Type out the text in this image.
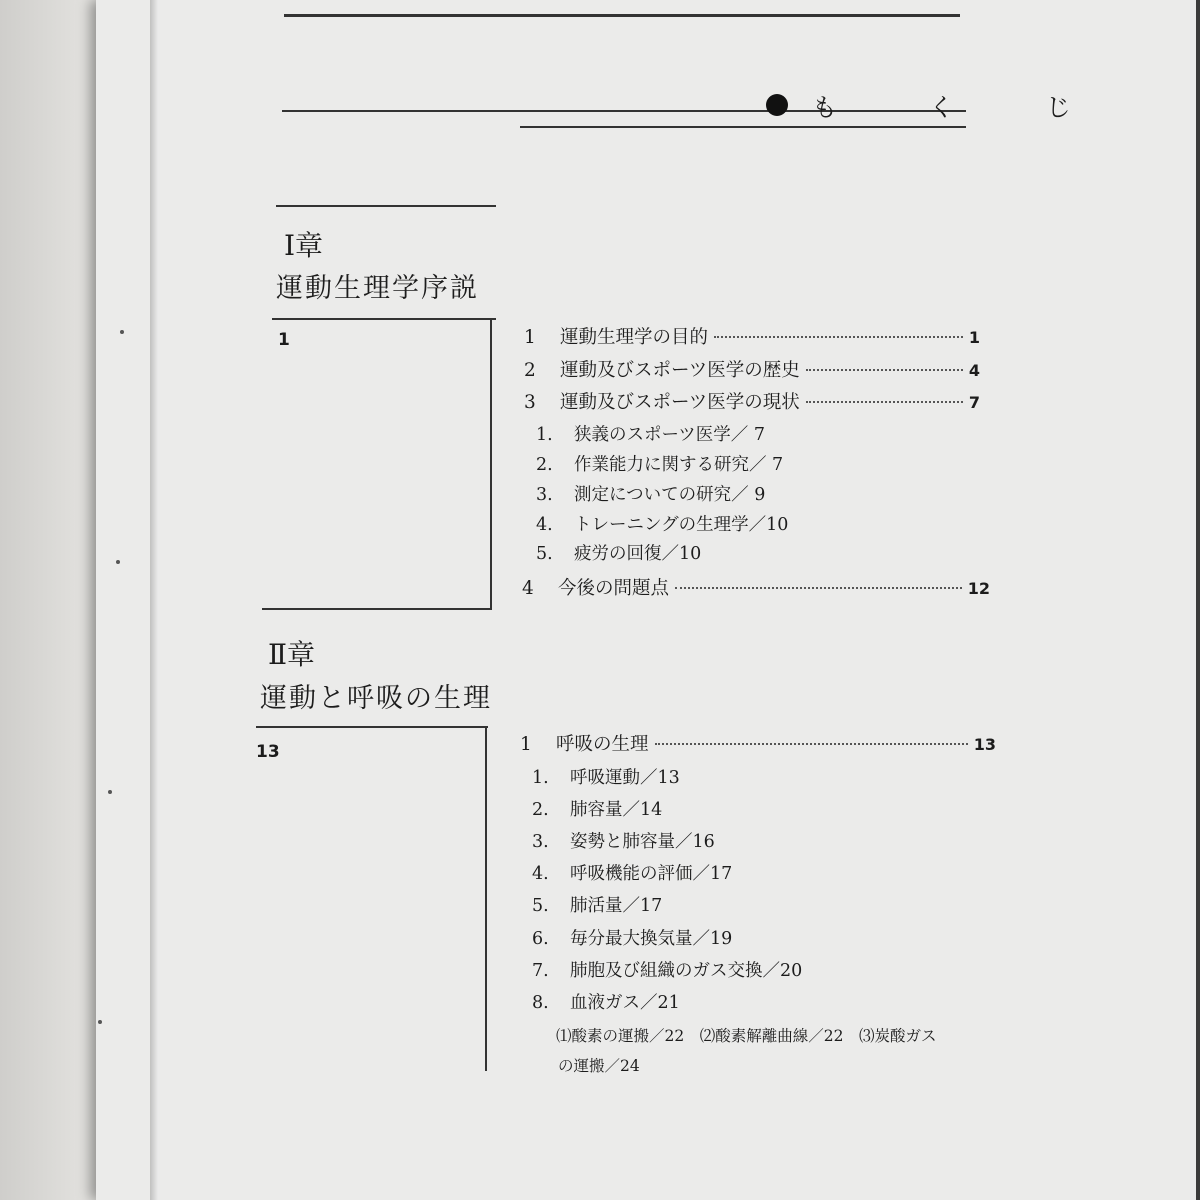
も く じ
Ⅰ章
運動生理学序説
1	1	運動生理学の目的	1
2	運動及びスポーツ医学の歴史	4
3	運動及びスポーツ医学の現状	7
1. 狭義のスポーツ医学／ 7
2. 作業能力に関する研究／ 7
3. 測定についての研究／ 9
4. トレーニングの生理学／10
5. 疲労の回復／10
4	今後の問題点	12
Ⅱ章
運動と呼吸の生理
13	1	呼吸の生理	13
1. 呼吸運動／13
2. 肺容量／14
3. 姿勢と肺容量／16
4. 呼吸機能の評価／17
5. 肺活量／17
6. 毎分最大換気量／19
7. 肺胞及び組織のガス交換／20
8. 血液ガス／21
⑴酸素の運搬／22　⑵酸素解離曲線／22　⑶炭酸ガス
の運搬／24
